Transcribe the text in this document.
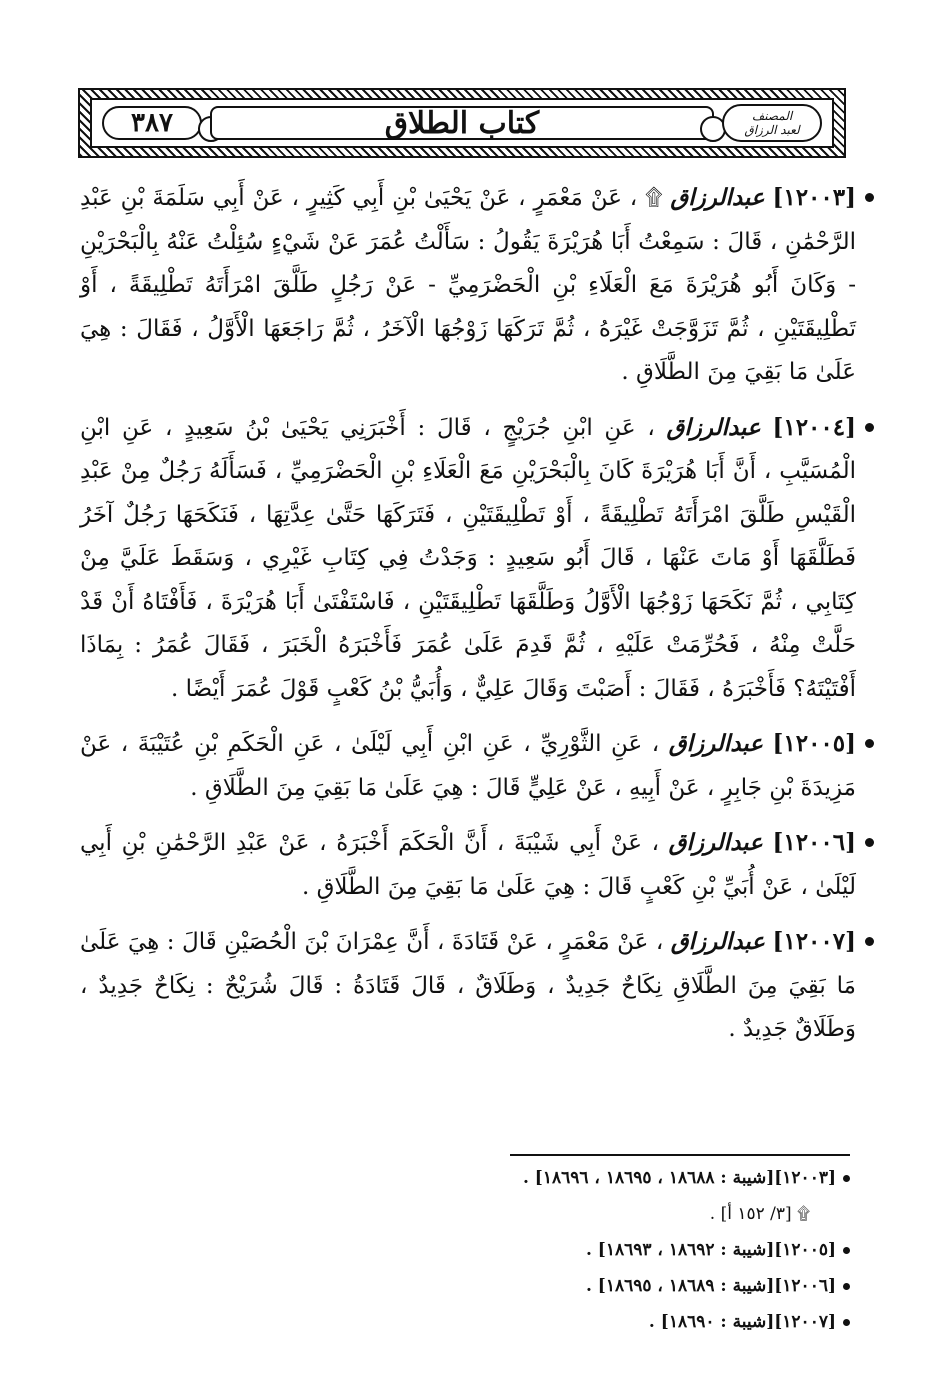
٣٨٧	كتاب الطلاق	المصنف
لعبد الرزاق

[١٢٠٠٣] عبدالرزاق ۩ ، عَنْ مَعْمَرٍ ، عَنْ يَحْيَىٰ بْنِ أَبِي كَثِيرٍ ، عَنْ أَبِي سَلَمَةَ بْنِ عَبْدِ الرَّحْمَٰنِ ، قَالَ : سَمِعْتُ أَبَا هُرَيْرَةَ يَقُولُ : سَأَلْتُ عُمَرَ عَنْ شَيْءٍ سُئِلْتُ عَنْهُ بِالْبَحْرَيْنِ - وَكَانَ أَبُو هُرَيْرَةَ مَعَ الْعَلَاءِ بْنِ الْحَضْرَمِيِّ - عَنْ رَجُلٍ طَلَّقَ امْرَأَتَهُ تَطْلِيقَةً ، أَوْ تَطْلِيقَتَيْنِ ، ثُمَّ تَزَوَّجَتْ غَيْرَهُ ، ثُمَّ تَرَكَهَا زَوْجُهَا الْآخَرُ ، ثُمَّ رَاجَعَهَا الْأَوَّلُ ، فَقَالَ : هِيَ عَلَىٰ مَا بَقِيَ مِنَ الطَّلَاقِ .

[١٢٠٠٤] عبدالرزاق ، عَنِ ابْنِ جُرَيْجٍ ، قَالَ : أَخْبَرَنِي يَحْيَىٰ بْنُ سَعِيدٍ ، عَنِ ابْنِ الْمُسَيَّبِ ، أَنَّ أَبَا هُرَيْرَةَ كَانَ بِالْبَحْرَيْنِ مَعَ الْعَلَاءِ بْنِ الْحَضْرَمِيِّ ، فَسَأَلَهُ رَجُلٌ مِنْ عَبْدِ الْقَيْسِ طَلَّقَ امْرَأَتَهُ تَطْلِيقَةً ، أَوْ تَطْلِيقَتَيْنِ ، فَتَرَكَهَا حَتَّىٰ عِدَّتِهَا ، فَنَكَحَهَا رَجُلٌ آخَرُ فَطَلَّقَهَا أَوْ مَاتَ عَنْهَا ، قَالَ أَبُو سَعِيدٍ : وَجَدْتُ فِي كِتَابِ غَيْرِي ، وَسَقَطَ عَلَيَّ مِنْ كِتَابِي ، ثُمَّ نَكَحَهَا زَوْجُهَا الْأَوَّلُ وَطَلَّقَهَا تَطْلِيقَتَيْنِ ، فَاسْتَفْتَىٰ أَبَا هُرَيْرَةَ ، فَأَفْتَاهُ أَنْ قَدْ حَلَّتْ مِنْهُ ، فَحُرِّمَتْ عَلَيْهِ ، ثُمَّ قَدِمَ عَلَىٰ عُمَرَ فَأَخْبَرَهُ الْخَبَرَ ، فَقَالَ عُمَرُ : بِمَاذَا أَفْتَيْتَهُ؟ فَأَخْبَرَهُ ، فَقَالَ : أَصَبْتَ وَقَالَ عَلِيٌّ ، وَأُبَيُّ بْنُ كَعْبٍ قَوْلَ عُمَرَ أَيْضًا .

[١٢٠٠٥] عبدالرزاق ، عَنِ الثَّوْرِيِّ ، عَنِ ابْنِ أَبِي لَيْلَىٰ ، عَنِ الْحَكَمِ بْنِ عُتَيْبَةَ ، عَنْ مَزِيدَةَ بْنِ جَابِرٍ ، عَنْ أَبِيهِ ، عَنْ عَلِيٍّ قَالَ : هِيَ عَلَىٰ مَا بَقِيَ مِنَ الطَّلَاقِ .

[١٢٠٠٦] عبدالرزاق ، عَنْ أَبِي شَيْبَةَ ، أَنَّ الْحَكَمَ أَخْبَرَهُ ، عَنْ عَبْدِ الرَّحْمَٰنِ بْنِ أَبِي لَيْلَىٰ ، عَنْ أُبَيِّ بْنِ كَعْبٍ قَالَ : هِيَ عَلَىٰ مَا بَقِيَ مِنَ الطَّلَاقِ .

[١٢٠٠٧] عبدالرزاق ، عَنْ مَعْمَرٍ ، عَنْ قَتَادَةَ ، أَنَّ عِمْرَانَ بْنَ الْحُصَيْنِ قَالَ : هِيَ عَلَىٰ مَا بَقِيَ مِنَ الطَّلَاقِ نِكَاحٌ جَدِيدٌ ، وَطَلَاقٌ ، قَالَ قَتَادَةُ : قَالَ شُرَيْحٌ : نِكَاحٌ جَدِيدٌ ، وَطَلَاقٌ جَدِيدٌ .

[١٢٠٠٣][شيبة : ١٨٦٨٨ ، ١٨٦٩٥ ، ١٨٦٩٦] .
۩ [٣/ ١٥٢ أ] .
[١٢٠٠٥][شيبة : ١٨٦٩٢ ، ١٨٦٩٣] .
[١٢٠٠٦][شيبة : ١٨٦٨٩ ، ١٨٦٩٥] .
[١٢٠٠٧][شيبة : ١٨٦٩٠] .
